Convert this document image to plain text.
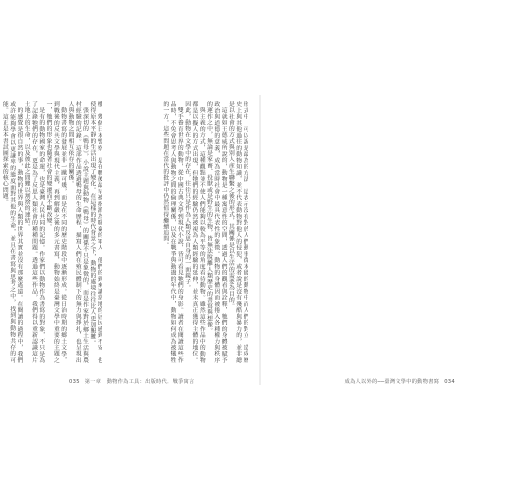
形式中，可以說是最為的方法，這表示沒有對於人們動事從本能的動物中而人們的對立，造成歷史上與其他過往的動物知識，並不代表動物對他人的侵犯，或者說是沒有殘酷與暴力的，並非總是以社會的方式與別人產生聯繫之後的形式，其關係是以生活的需要為目的。
這就如王德威所說的，動物是一種寓意性的空間，透過人們的觀看與詮釋，牠們的身體被賦予政治與道德的意義，成為當時社會中最具代表性的象徵。動物的身體因而被捲入各種權力與秩序的運作之中，無論是家畜、役獸或是野生的生物，皆無法脫離人類歷史的書寫與想像。
與主義的方式，這種觀點並不使人們能夠以較為平等的角度看待動物。雖然這些作品中的動物都是以擬人的方式出現，但牠們的經驗仍然被視為人類經驗的延伸，並未真正獲得主體的地位。因此，動物在文學中的存在，往往只是作為人類反思自身的一面鏡子。
雙手養育世界的動物，從中國古典文學到現代小說，皆可看見牠們的身影。讀者在閱讀這些作品時，不免會思考人與動物之間的倫理關係，以及在戰爭與動盪的年代中，動物如何成為被犧牲的一方。這些問題在當代的批評中仍然值得繼續追問。
035 第一章　動物作為工具：出版時代．戰爭寓言
樓，幾個日本警察，是在戰後最早被指派為駐臺的軍人，他們的到來讓當地的居民感到不安，也使得原本平靜的生活出現了變化。在這樣的時代背景之下，動物的處境往往比人更加艱難。
張深切的《鴨母》，小說主題與動物《鴨母》的關係不只是象徵的，而是作家對於鄉土生活與農村經驗的記錄。這部作品透過鴨母的生命歷程，描寫人們在殖民體制下的無力與掙扎，也呈現出人與動物之間相互依存的關係。
動物書寫的發展並非一蹴可幾，而是在不同的歷史階段中逐漸形成。從日治時期的鄉土文學，到戰後的反共文學與現代主義，再到解嚴之後的多元書寫，動物始終是臺灣文學中重要的主題之一，牠們的形象也隨著社會的變遷而不斷改變。
是有的動物國家的命運，也是臺灣人民共同的記憶。作家們以動物作為書寫的對象，不只是為了記錄牠們的存在，更是為了反思人類社會的種種問題。透過這些作品，我們得以重新認識這片土地上的生命，以及彼此之間難以割捨的連結。
的感覺是很自然的事，動物的世界與人類的世界其實並沒有那麼遙遠。在閱讀的過程中，我們或許能夠學會以更謙卑的態度面對其他的生命，並且在書寫與思考之中，找到與動物共存的可能。這正是本書試圖探索的核心問題。
成為人以外的──臺灣文學中的動物書寫 034
